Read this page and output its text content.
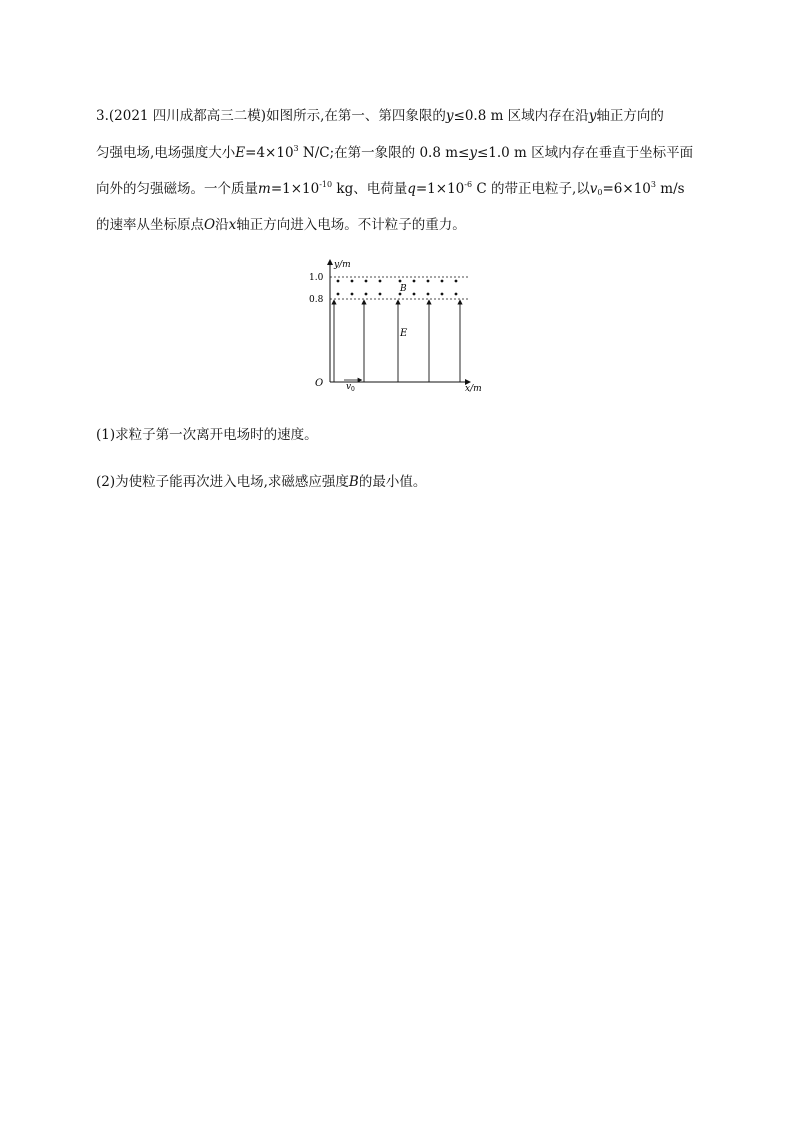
3.(2021 四川成都高三二模)如图所示,在第一、第四象限的y≤0.8 m 区域内存在沿y轴正方向的
匀强电场,电场强度大小$E=4\times 10^3$ N/C;在第一象限的 0.8 m≤y≤1.0 m 区域内存在垂直于坐标平面
向外的匀强磁场。一个质量$m=1\times 10^{-10}$ kg、电荷量$q=1\times 10^{-6}$ C 的带正电粒子,以$v_0=6\times 10^3$ m/s
的速率从坐标原点O沿x轴正方向进入电场。不计粒子的重力。
y/m
x/m
O
1.0
0.8
E
B
v 0
(1)求粒子第一次离开电场时的速度。
(2)为使粒子能再次进入电场,求磁感应强度B的最小值。
